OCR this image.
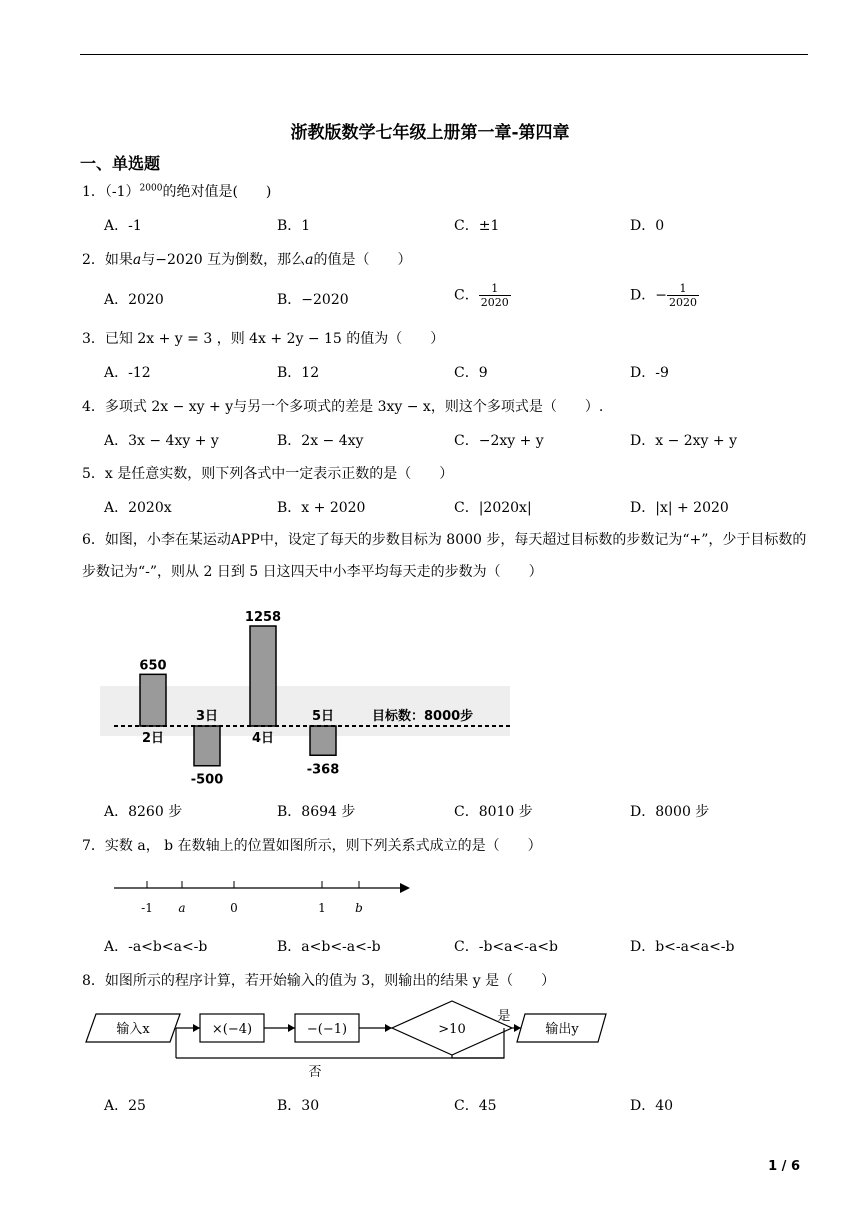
浙教版数学七年级上册第一章-第四章
一、单选题
1．$(-1)^{2000}$的绝对值是(　　)
A．-1	B．1	C．±1	D．0
2．如果a与−2020 互为倒数，那么a的值是（　　）
A．2020	B．−2020	C． $\frac{1}{2020}$	D．− $\frac{1}{2020}$
3．已知 2x + y = 3 ，则 4x + 2y − 15 的值为（　　）
A．-12	B．12	C．9	D．-9
4．多项式 2x − xy + y与另一个多项式的差是 3xy − x，则这个多项式是（　　）.
A．3x − 4xy + y	B．2x − 4xy	C．−2xy + y	D．x − 2xy + y
5．x 是任意实数，则下列各式中一定表示正数的是（　　）
A．2020x	B．x + 2020	C．|2020x|	D．|x| + 2020
6．如图，小李在某运动APP中，设定了每天的步数目标为 8000 步，每天超过目标数的步数记为“+”，少于目标数的步数记为“-”，则从 2 日到 5 日这四天中小李平均每天走的步数为（　　）
650
2日
-500
3日
1258
4日
-368
5日	目标数：8000步
A．8260 步	B．8694 步	C．8010 步	D．8000 步
7．实数 a， b 在数轴上的位置如图所示，则下列关系式成立的是（　　）
-1 a	0	1 b
A．-a<b<a<-b	B．a<b<-a<-b	C．-b<a<-a<b	D．b<-a<a<-b
8．如图所示的程序计算，若开始输入的值为 3，则输出的结果 y 是（　　）
输入x	×(−4)	−(−1)	>10
是
输出y
否
A．25	B．30	C．45	D．40
1 / 6
